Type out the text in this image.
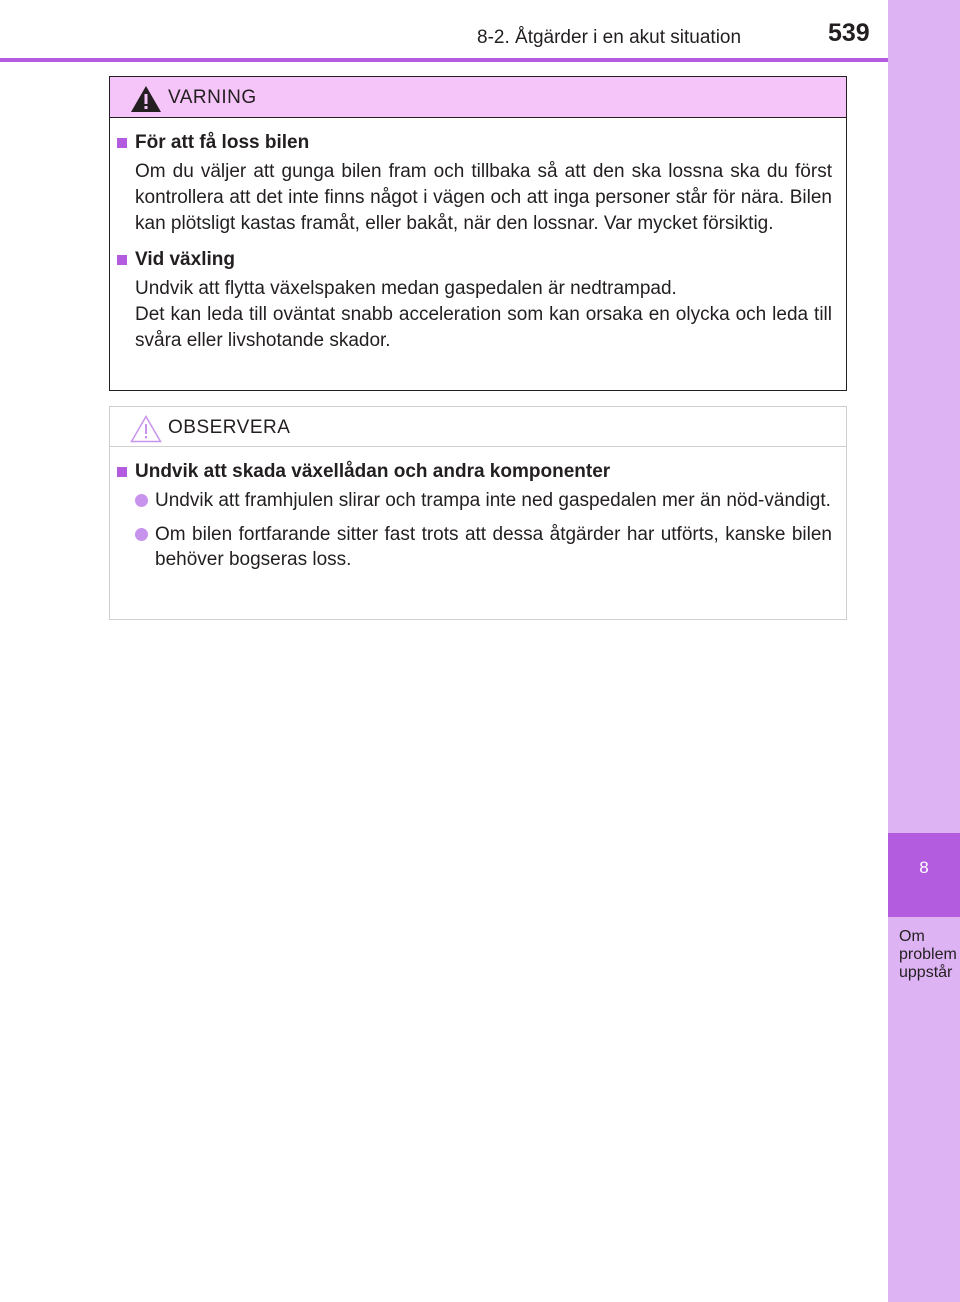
8
Om problem uppstår
8-2. Åtgärder i en akut situation	539
VARNING
För att få loss bilen
Om du väljer att gunga bilen fram och tillbaka så att den ska lossna ska du först kontrollera att det inte finns något i vägen och att inga personer står för nära. Bilen kan plötsligt kastas framåt, eller bakåt, när den lossnar. Var mycket försiktig.
Vid växling
Undvik att flytta växelspaken medan gaspedalen är nedtrampad.
Det kan leda till oväntat snabb acceleration som kan orsaka en olycka och leda till svåra eller livshotande skador.
OBSERVERA
Undvik att skada växellådan och andra komponenter
Undvik att framhjulen slirar och trampa inte ned gaspedalen mer än nöd-vändigt.
Om bilen fortfarande sitter fast trots att dessa åtgärder har utförts, kanske bilen behöver bogseras loss.
